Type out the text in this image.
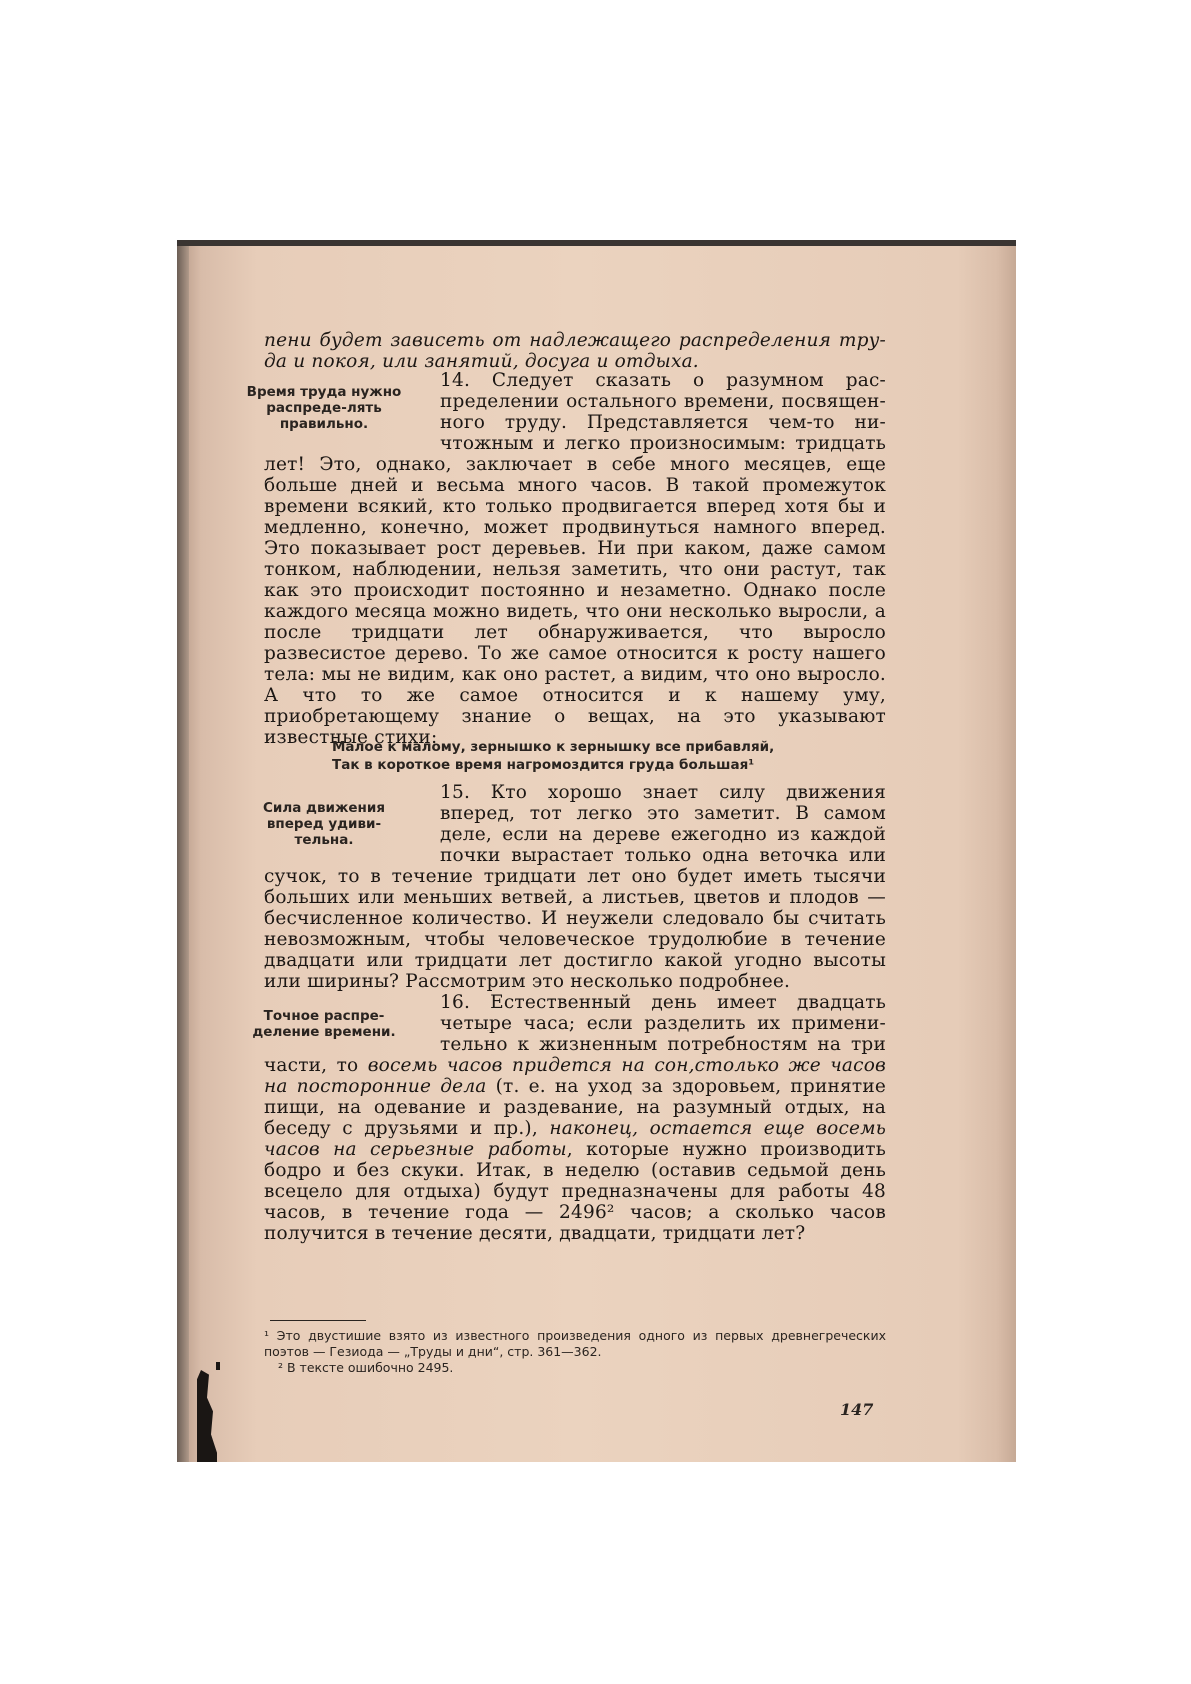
пени будет зависеть от надлежащего распределения тру-
да и покоя, или занятий, досуга и отдыха.
Время труда нужно распреде-лять правильно.
14. Следует сказать о разумном рас-
пределении остального времени, посвящен-
ного труду. Представляется чем-то ни-
чтожным и легко произносимым: тридцать

лет! Это, однако, заключает в себе много месяцев, еще больше дней и весьма много часов. В такой промежуток времени всякий, кто только продвигается вперед хотя бы и медленно, конечно, может продвинуться намного вперед. Это показывает рост деревьев. Ни при каком, даже самом тонком, наблюдении, нельзя заметить, что они растут, так как это происходит постоянно и незаметно. Однако после каждого месяца можно видеть, что они несколько выросли, а после тридцати лет обнаруживается, что выросло развесистое дерево. То же самое относится к росту нашего тела: мы не видим, как оно растет, а видим, что оно выросло. А что то же самое относится и к нашему уму, приобретающему знание о вещах, на это указывают известные стихи:

Малое к малому, зернышко к зернышку все прибавляй,
Так в короткое время нагромоздится груда большая¹
Сила движения вперед удиви-тельна.
15. Кто хорошо знает силу движения
вперед, тот легко это заметит. В самом
деле, если на дереве ежегодно из каждой
почки вырастает только одна веточка или

сучок, то в течение тридцати лет оно будет иметь тысячи больших или меньших ветвей, а листьев, цветов и плодов — бесчисленное количество. И неужели следовало бы считать невозможным, чтобы человеческое трудолюбие в течение двадцати или тридцати лет достигло какой угодно высоты или ширины? Рассмотрим это несколько подробнее.

Точное распре-деление времени.
16. Естественный день имеет двадцать
четыре часа; если разделить их примени-
тельно к жизненным потребностям на три

части, то восемь часов придется на сон,столько же часов на посторонние дела (т. е. на уход за здоровьем, принятие пищи, на одевание и раздевание, на разумный отдых, на беседу с друзьями и пр.), наконец, остается еще восемь часов на серьезные работы, которые нужно производить бодро и без скуки. Итак, в неделю (оставив седьмой день всецело для отдыха) будут предназначены для работы 48 часов, в течение года — 2496² часов; а сколько часов получится в течение десяти, двадцати, тридцати лет?

¹ Это двустишие взято из известного произведения одного из первых древнегреческих поэтов — Гезиода — „Труды и дни“, стр. 361—362.
² В тексте ошибочно 2495.
147
